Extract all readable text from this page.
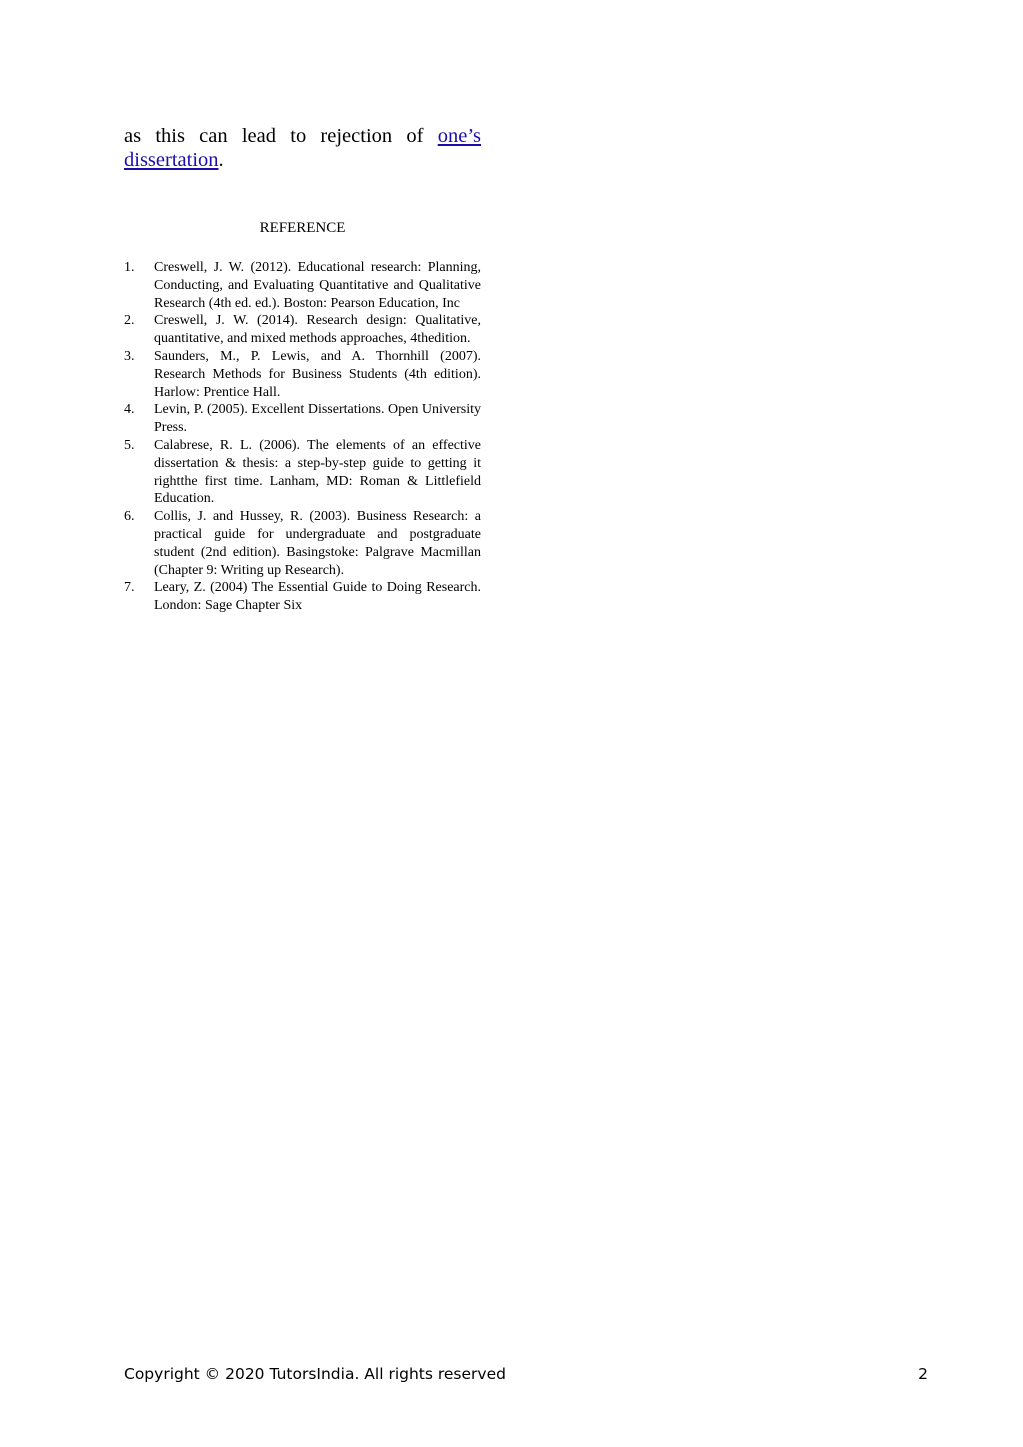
as this can lead to rejection of one’s dissertation.
REFERENCE
1.	Creswell, J. W. (2012). Educational research: Planning, Conducting, and Evaluating Quantitative and Qualitative Research (4th ed. ed.). Boston: Pearson Education, Inc
2.	Creswell, J. W. (2014). Research design: Qualitative, quantitative, and mixed methods approaches, 4thedition.
3.	Saunders, M., P. Lewis, and A. Thornhill (2007). Research Methods for Business Students (4th edition). Harlow: Prentice Hall.
4.	Levin, P. (2005). Excellent Dissertations. Open University Press.
5.	Calabrese, R. L. (2006). The elements of an effective dissertation & thesis: a step-by-step guide to getting it rightthe first time. Lanham, MD: Roman & Littlefield Education.
6.	Collis, J. and Hussey, R. (2003). Business Research: a practical guide for undergraduate and postgraduate student (2nd edition). Basingstoke: Palgrave Macmillan (Chapter 9: Writing up Research).
7.	Leary, Z. (2004) The Essential Guide to Doing Research. London: Sage Chapter Six
Copyright © 2020 TutorsIndia. All rights reserved	2
